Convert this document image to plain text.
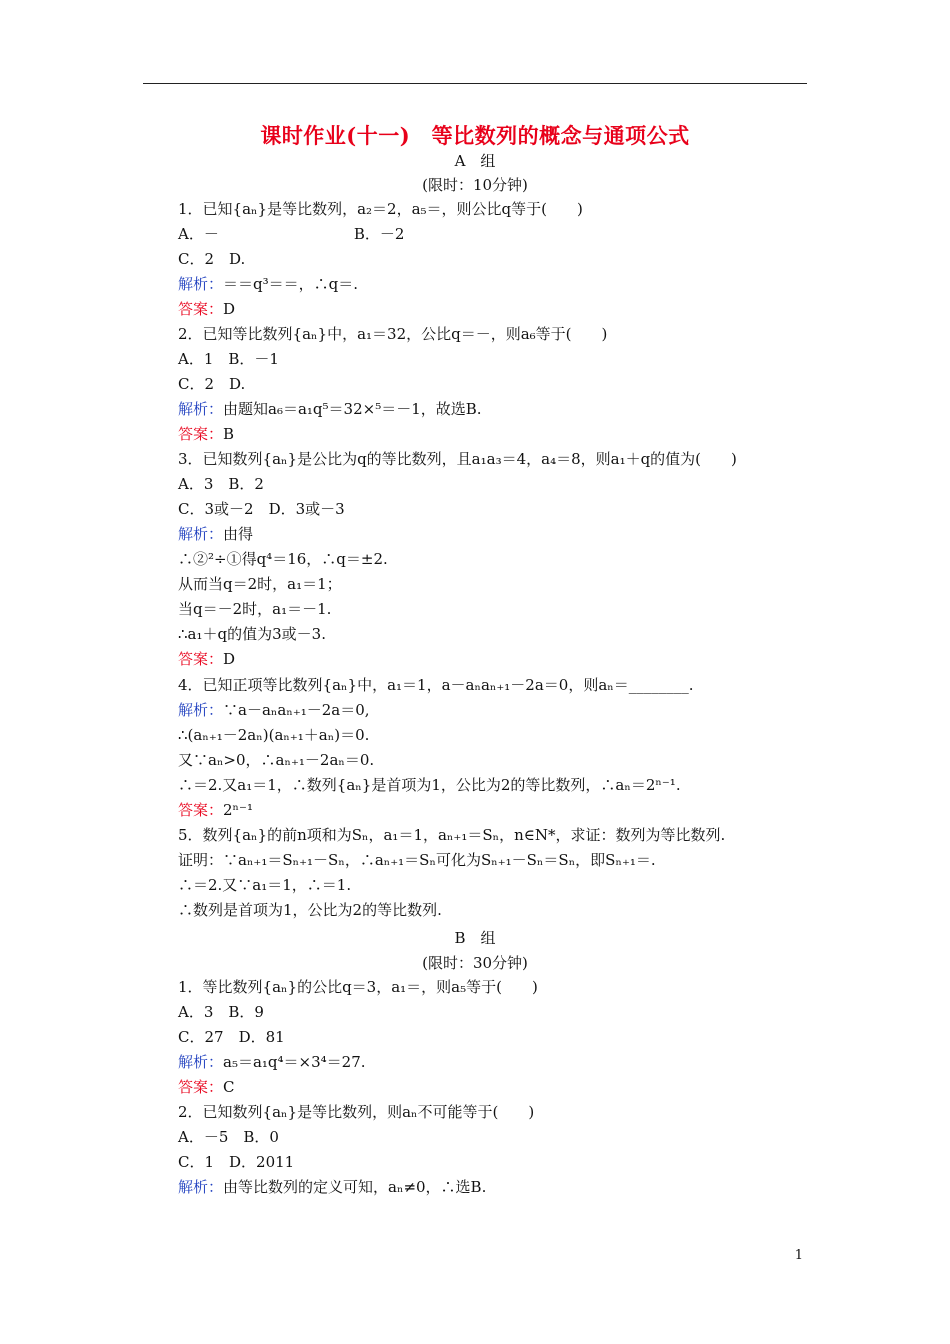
课时作业(十一)　等比数列的概念与通项公式
A　组
(限时：10分钟)
B　组
(限时：30分钟)
1．已知{aₙ}是等比数列，a₂＝2，a₅＝，则公比q等于(　　)
A．－　　　　　　　　　B．－2
C．2　D.
解析：＝＝q³＝＝，∴q＝.
答案：D
2．已知等比数列{aₙ}中，a₁＝32，公比q＝－，则a₆等于(　　)
A．1　B．－1
C．2　D.
解析：由题知a₆＝a₁q⁵＝32×⁵＝－1，故选B.
答案：B
3．已知数列{aₙ}是公比为q的等比数列，且a₁a₃＝4，a₄＝8，则a₁＋q的值为(　　)
A．3　B．2
C．3或－2　D．3或－3
解析：由得
∴②²÷①得q⁴＝16，∴q＝±2.
从而当q＝2时，a₁＝1；
当q＝－2时，a₁＝－1.
∴a₁＋q的值为3或－3.
答案：D
4．已知正项等比数列{aₙ}中，a₁＝1，a－aₙaₙ₊₁－2a＝0，则aₙ＝________.
解析：∵a－aₙaₙ₊₁－2a＝0,
∴(aₙ₊₁－2aₙ)(aₙ₊₁＋aₙ)＝0.
又∵aₙ>0，∴aₙ₊₁－2aₙ＝0.
∴＝2.又a₁＝1，∴数列{aₙ}是首项为1，公比为2的等比数列，∴aₙ＝2ⁿ⁻¹.
答案：2ⁿ⁻¹
5．数列{aₙ}的前n项和为Sₙ，a₁＝1，aₙ₊₁＝Sₙ，n∈N*，求证：数列为等比数列.
证明：∵aₙ₊₁＝Sₙ₊₁－Sₙ，∴aₙ₊₁＝Sₙ可化为Sₙ₊₁－Sₙ＝Sₙ，即Sₙ₊₁＝.
∴＝2.又∵a₁＝1，∴＝1.
∴数列是首项为1，公比为2的等比数列.
1．等比数列{aₙ}的公比q＝3，a₁＝，则a₅等于(　　)
A．3　B．9
C．27　D．81
解析：a₅＝a₁q⁴＝×3⁴＝27.
答案：C
2．已知数列{aₙ}是等比数列，则aₙ不可能等于(　　)
A．－5　B．0
C．1　D．2011
解析：由等比数列的定义可知，aₙ≠0，∴选B.
1
